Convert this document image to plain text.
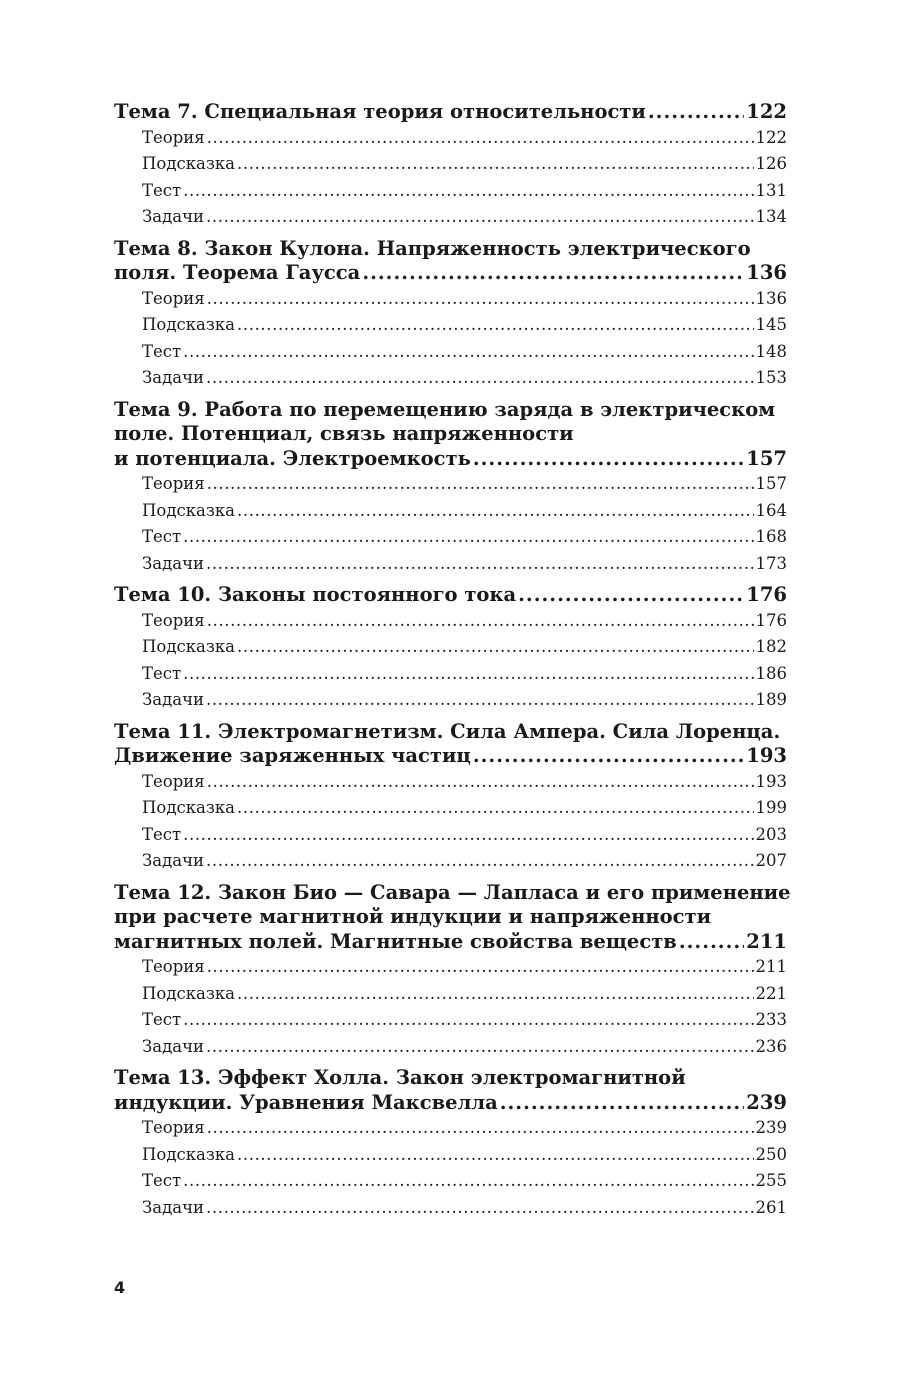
Тема 7. Специальная теория относительности .....	122
Теория .....	122
Подсказка .....	126
Тест .....	131
Задачи .....	134
Тема 8. Закон Кулона. Напряженность электрического
поля. Теорема Гаусса .....	136
Теория .....	136
Подсказка .....	145
Тест .....	148
Задачи .....	153
Тема 9. Работа по перемещению заряда в электрическом
поле. Потенциал, связь напряженности
и потенциала. Электроемкость .....	157
Теория .....	157
Подсказка .....	164
Тест .....	168
Задачи .....	173
Тема 10. Законы постоянного тока .....	176
Теория .....	176
Подсказка .....	182
Тест .....	186
Задачи .....	189
Тема 11. Электромагнетизм. Сила Ампера. Сила Лоренца.
Движение заряженных частиц .....	193
Теория .....	193
Подсказка .....	199
Тест .....	203
Задачи .....	207
Тема 12. Закон Био — Савара — Лапласа и его применение
при расчете магнитной индукции и напряженности
магнитных полей. Магнитные свойства веществ .....	211
Теория .....	211
Подсказка .....	221
Тест .....	233
Задачи .....	236
Тема 13. Эффект Холла. Закон электромагнитной
индукции. Уравнения Максвелла .....	239
Теория .....	239
Подсказка .....	250
Тест .....	255
Задачи .....	261
4
